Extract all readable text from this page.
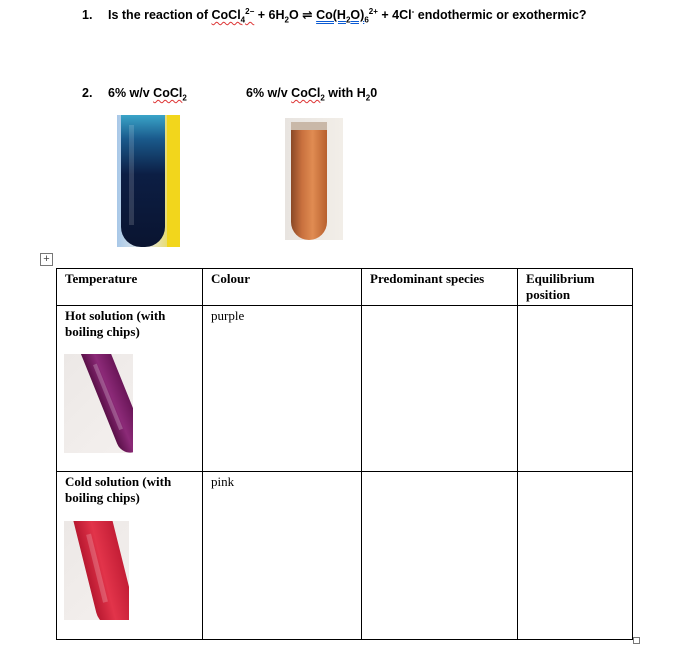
1. Is the reaction of CoCl$_4^{2-}$ + $6H_2O$ ⇌ $Co(H_2O)_6^{2+} + 4Cl^-$ endothermic or exothermic?
2. 6% w/v CoCl$_2$	6% w/v CoCl$_2$ with $H_20$
+
Temperature	Colour	Predominant species	Equilibrium position

Hot solution (with boiling chips)	purple		

Cold solution (with boiling chips)	pink		
